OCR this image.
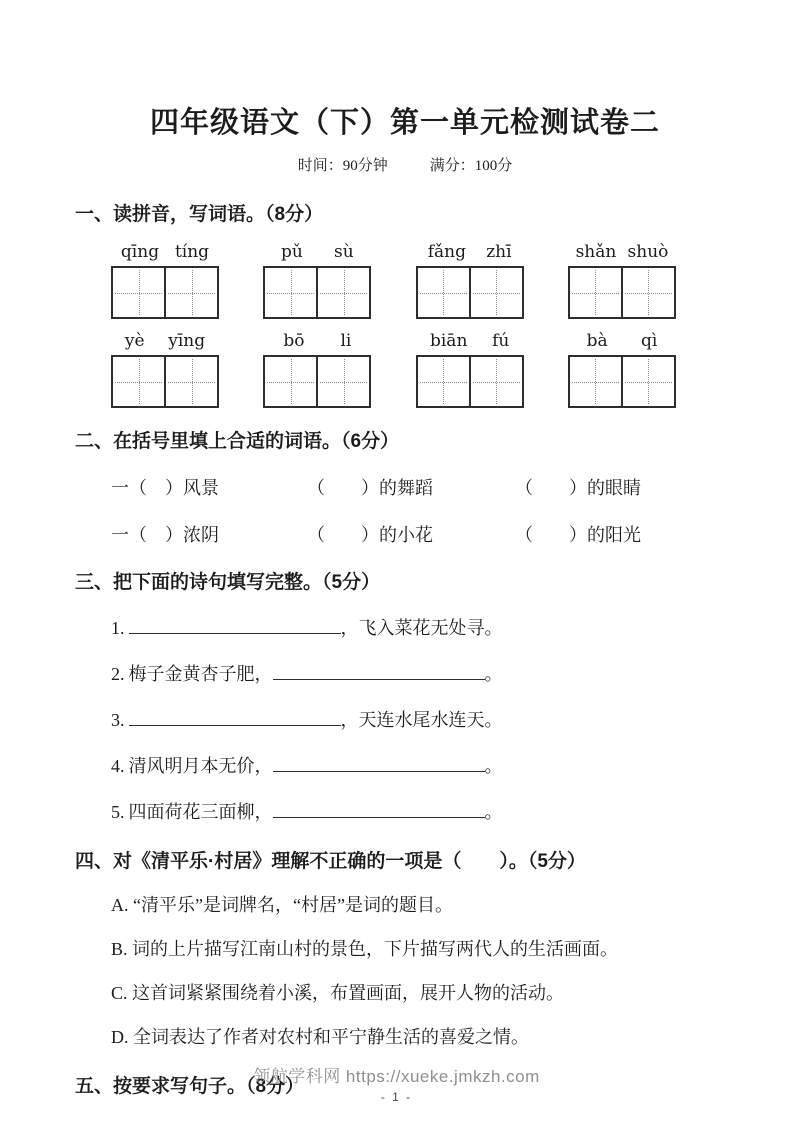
四年级语文（下）第一单元检测试卷二
时间：90分钟	满分：100分
一、读拼音，写词语。（8分）
qīng tíng	pǔ sù	fǎng zhī	shǎn shuò
yè yīng	bō li	biān fú	bà qì
二、在括号里填上合适的词语。（6分）
一（　）风景	（　　）的舞蹈	（　　）的眼睛
一（　）浓阴	（　　）的小花	（　　）的阳光
三、把下面的诗句填写完整。（5分）
1.	，飞入菜花无处寻。
2. 梅子金黄杏子肥，	。
3.	，天连水尾水连天。
4. 清风明月本无价，	。
5. 四面荷花三面柳，	。
四、对《清平乐·村居》理解不正确的一项是（　　）。（5分）
A. “清平乐”是词牌名，“村居”是词的题目。
B. 词的上片描写江南山村的景色，下片描写两代人的生活画面。
C. 这首词紧紧围绕着小溪，布置画面，展开人物的活动。
D. 全词表达了作者对农村和平宁静生活的喜爱之情。
五、按要求写句子。（8分）
领航学科网 https://xueke.jmkzh.com
- 1 -
